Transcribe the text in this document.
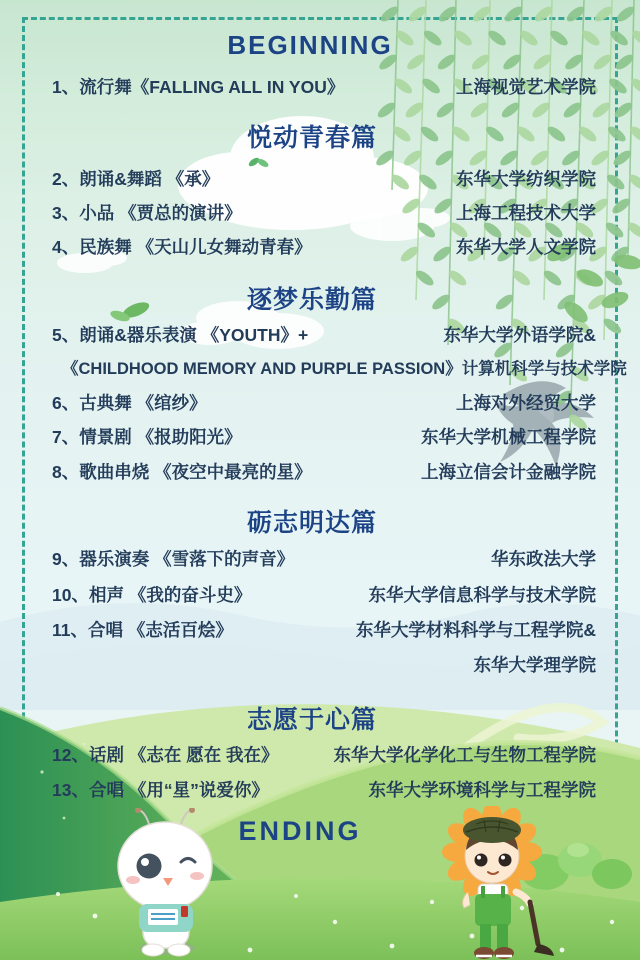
BEGINNING
1、流行舞《FALLING ALL IN YOU》	上海视觉艺术学院
悦动青春篇
2、朗诵&舞蹈 《承》	东华大学纺织学院
3、小品 《贾总的演讲》	上海工程技术大学
4、民族舞 《天山儿女舞动青春》	东华大学人文学院
逐梦乐勤篇
5、朗诵&器乐表演 《YOUTH》+	东华大学外语学院&
《CHILDHOOD MEMORY AND PURPLE PASSION》 计算机科学与技术学院
6、古典舞 《绾纱》	上海对外经贸大学
7、情景剧 《报助阳光》	东华大学机械工程学院
8、歌曲串烧 《夜空中最亮的星》	上海立信会计金融学院
砺志明达篇
9、器乐演奏 《雪落下的声音》	华东政法大学
10、相声 《我的奋斗史》	东华大学信息科学与技术学院
11、合唱 《志活百烩》	东华大学材料科学与工程学院&
东华大学理学院
志愿于心篇
12、话剧 《志在 愿在 我在》	东华大学化学化工与生物工程学院
13、合唱 《用“星”说爱你》	东华大学环境科学与工程学院
ENDING
